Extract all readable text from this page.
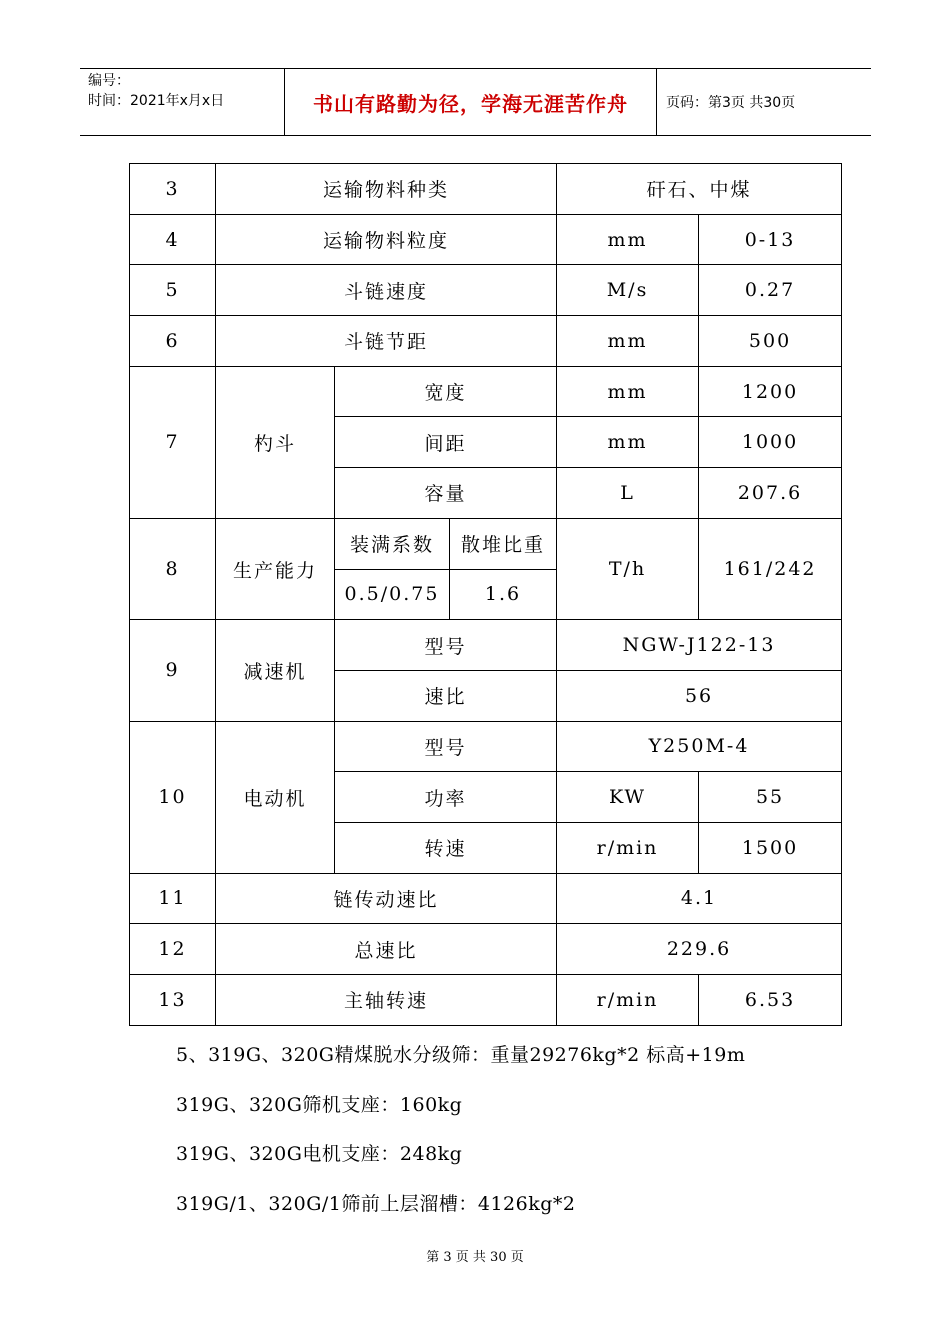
编号：
时间：2021年x月x日	书山有路勤为径，学海无涯苦作舟	页码：第3页 共30页
3	运输物料种类			矸石、中煤	
4	运输物料粒度			mm	0-13
5	斗链速度			M/s	0.27
6	斗链节距			mm	500
7	杓斗	宽度		mm	1200
		间距		mm	1000
		容量		L	207.6
8	生产能力	装满系数	散堆比重	T/h	161/242
		0.5/0.75	1.6		
9	减速机	型号		NGW-J122-13	
		速比		56	
10	电动机	型号		Y250M-4	
		功率		KW	55
		转速		r/min	1500
11	链传动速比			4.1	
12	总速比			229.6	
13	主轴转速			r/min	6.53
5、319G、320G精煤脱水分级筛：重量29276kg*2 标高+19m
319G、320G筛机支座：160kg
319G、320G电机支座：248kg
319G/1、320G/1筛前上层溜槽：4126kg*2
第 3 页 共 30 页
